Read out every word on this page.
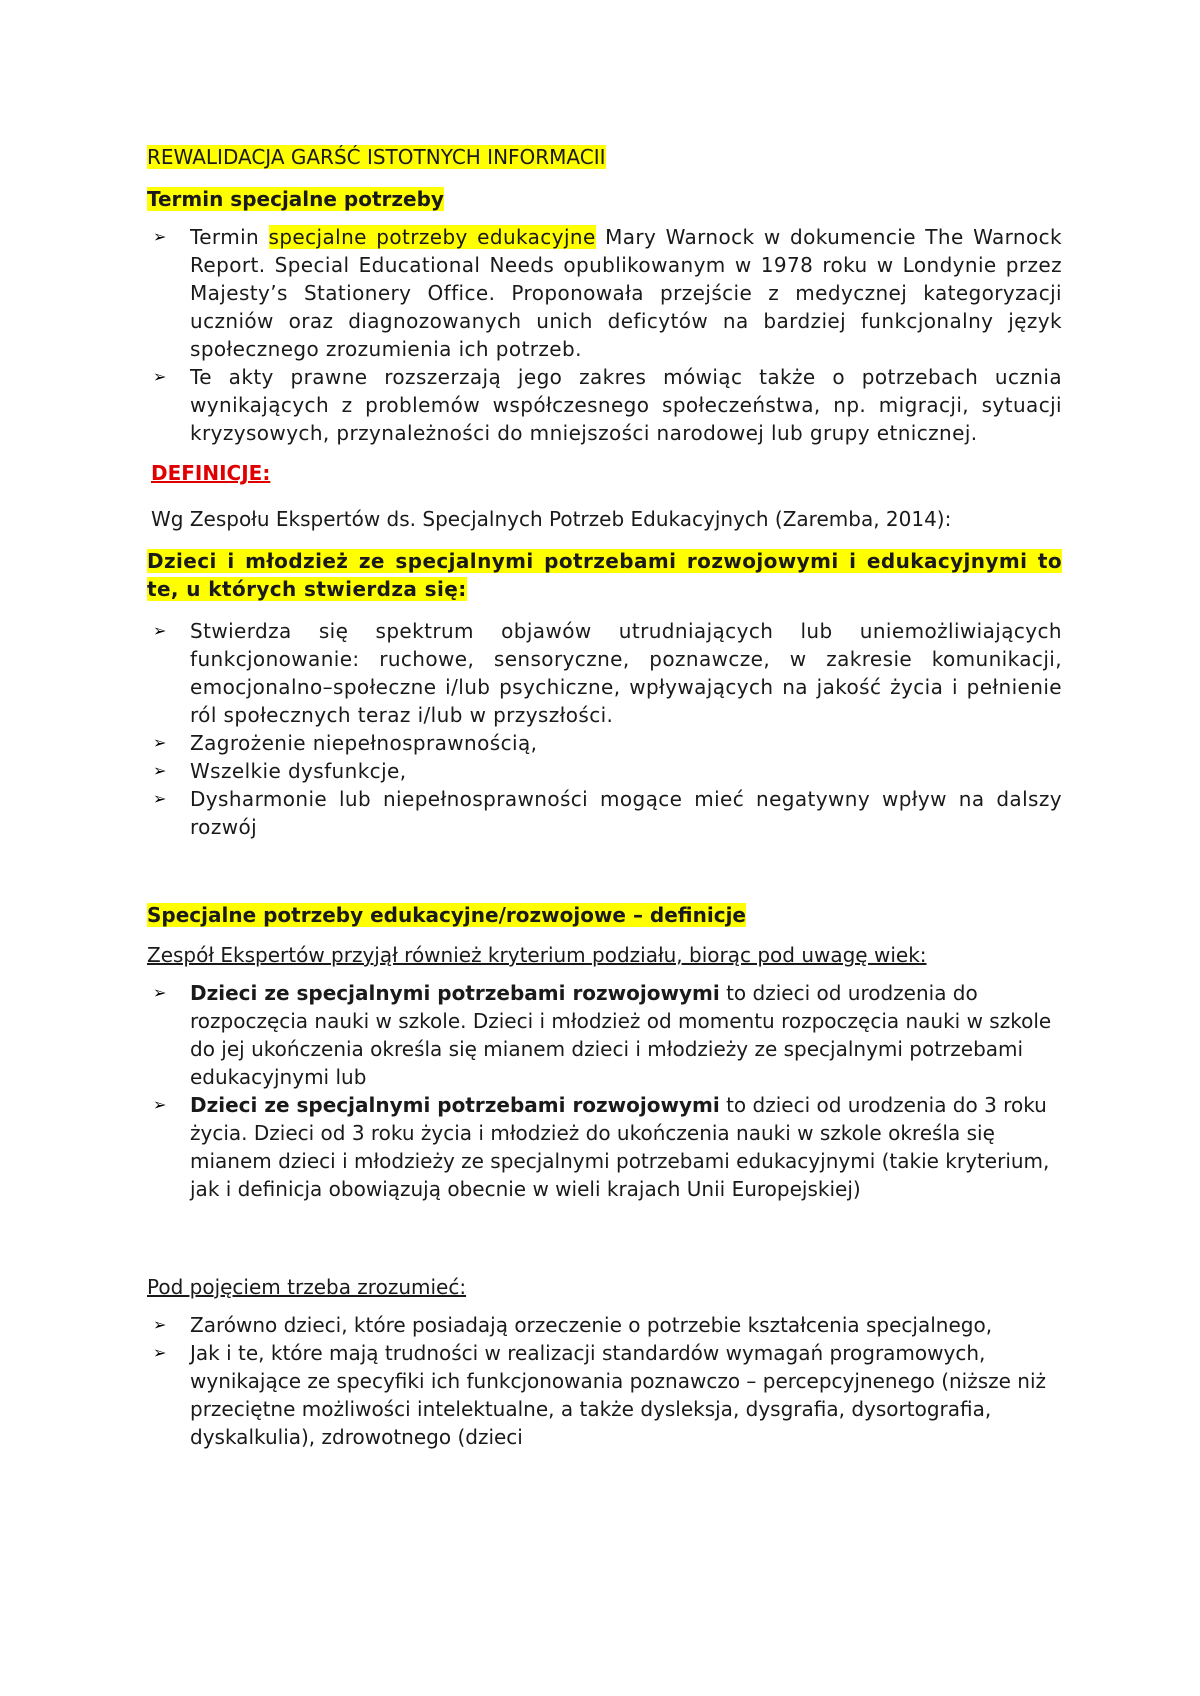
REWALIDACJA GARŚĆ ISTOTNYCH INFORMACII

Termin specjalne potrzeby

➢	Termin specjalne potrzeby edukacyjne Mary Warnock w dokumencie The Warnock Report. Special Educational Needs opublikowanym w 1978 roku w Londynie przez Majesty’s Stationery Office. Proponowała przejście z medycznej kategoryzacji uczniów oraz diagnozowanych unich deficytów na bardziej funkcjonalny język społecznego zrozumienia ich potrzeb.
➢	Te akty prawne rozszerzają jego zakres mówiąc także o potrzebach ucznia wynikających z problemów współczesnego społeczeństwa, np. migracji, sytuacji kryzysowych, przynależności do mniejszości narodowej lub grupy etnicznej.

DEFINICJE:

Wg Zespołu Ekspertów ds. Specjalnych Potrzeb Edukacyjnych (Zaremba, 2014):

Dzieci i młodzież ze specjalnymi potrzebami rozwojowymi i edukacyjnymi to te, u których stwierdza się:

➢	Stwierdza się spektrum objawów utrudniających lub uniemożliwiających funkcjonowanie: ruchowe, sensoryczne, poznawcze, w zakresie komunikacji, emocjonalno–społeczne i/lub psychiczne, wpływających na jakość życia i pełnienie ról społecznych teraz i/lub w przyszłości.
➢	Zagrożenie niepełnosprawnością,
➢	Wszelkie dysfunkcje,
➢	Dysharmonie lub niepełnosprawności mogące mieć negatywny wpływ na dalszy rozwój

Specjalne potrzeby edukacyjne/rozwojowe – definicje

Zespół Ekspertów przyjął również kryterium podziału, biorąc pod uwagę wiek:

➢	Dzieci ze specjalnymi potrzebami rozwojowymi to dzieci od urodzenia do rozpoczęcia nauki w szkole. Dzieci i młodzież od momentu rozpoczęcia nauki w szkole do jej ukończenia określa się mianem dzieci i młodzieży ze specjalnymi potrzebami edukacyjnymi lub
➢	Dzieci ze specjalnymi potrzebami rozwojowymi to dzieci od urodzenia do 3 roku życia. Dzieci od 3 roku życia i młodzież do ukończenia nauki w szkole określa się mianem dzieci i młodzieży ze specjalnymi potrzebami edukacyjnymi (takie kryterium, jak i definicja obowiązują obecnie w wieli krajach Unii Europejskiej)

Pod pojęciem trzeba zrozumieć:

➢	Zarówno dzieci, które posiadają orzeczenie o potrzebie kształcenia specjalnego,
➢	Jak i te, które mają trudności w realizacji standardów wymagań programowych, wynikające ze specyfiki ich funkcjonowania poznawczo – percepcyjnenego (niższe niż przeciętne możliwości intelektualne, a także dysleksja, dysgrafia, dysortografia, dyskalkulia), zdrowotnego (dzieci
